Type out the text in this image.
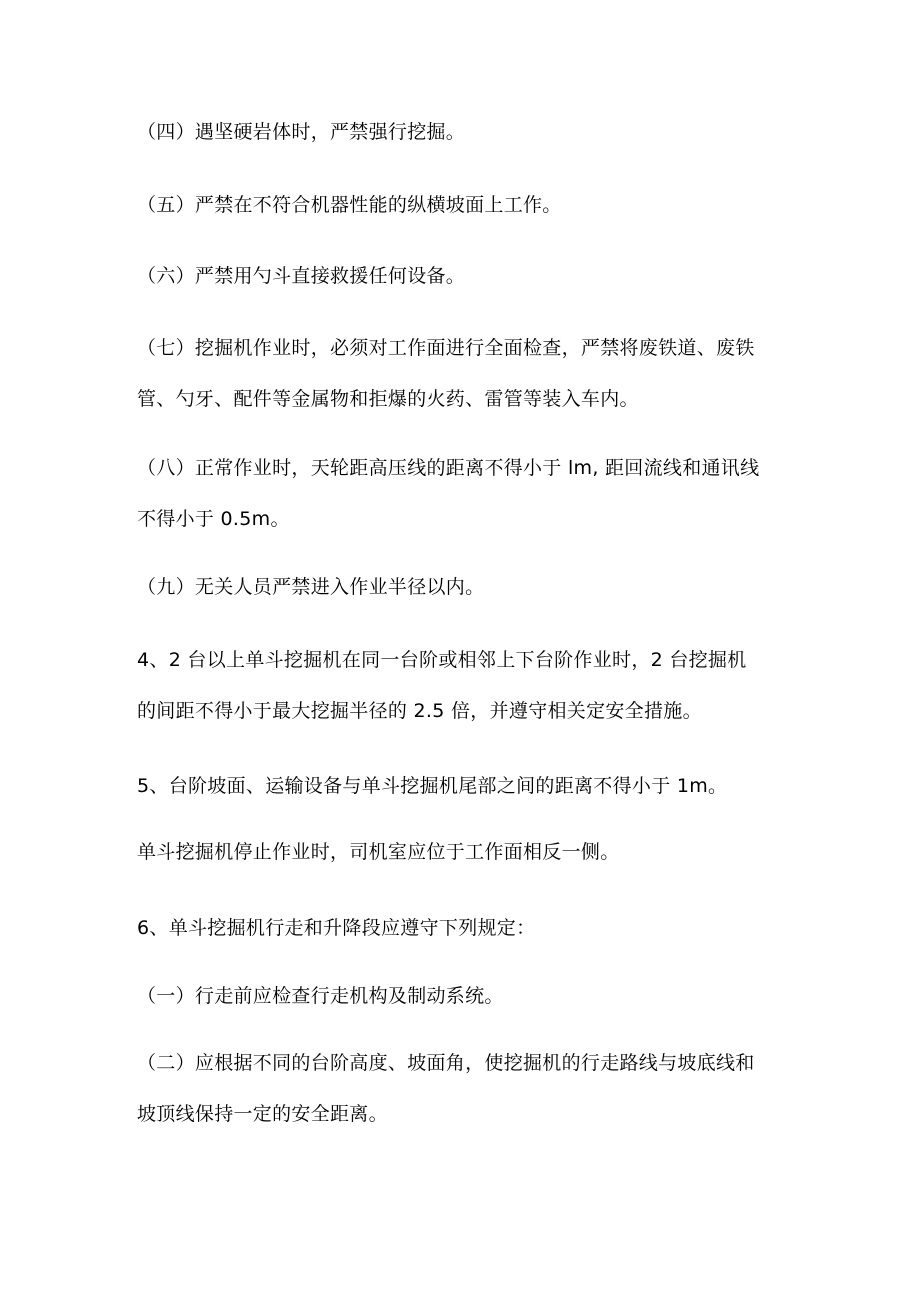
（四）遇坚硬岩体时，严禁强行挖掘。

（五）严禁在不符合机器性能的纵横坡面上工作。

（六）严禁用勺斗直接救援任何设备。

（七）挖掘机作业时，必须对工作面进行全面检查，严禁将废铁道、废铁
管、勺牙、配件等金属物和拒爆的火药、雷管等装入车内。

（八）正常作业时，天轮距高压线的距离不得小于 lm, 距回流线和通讯线
不得小于 0.5m。

（九）无关人员严禁进入作业半径以内。

4、2 台以上单斗挖掘机在同一台阶或相邻上下台阶作业时，2 台挖掘机
的间距不得小于最大挖掘半径的 2.5 倍，并遵守相关定安全措施。

5、台阶坡面、运输设备与单斗挖掘机尾部之间的距离不得小于 1m。

单斗挖掘机停止作业时，司机室应位于工作面相反一侧。

6、单斗挖掘机行走和升降段应遵守下列规定：

（一）行走前应检查行走机构及制动系统。

（二）应根据不同的台阶高度、坡面角，使挖掘机的行走路线与坡底线和
坡顶线保持一定的安全距离。
